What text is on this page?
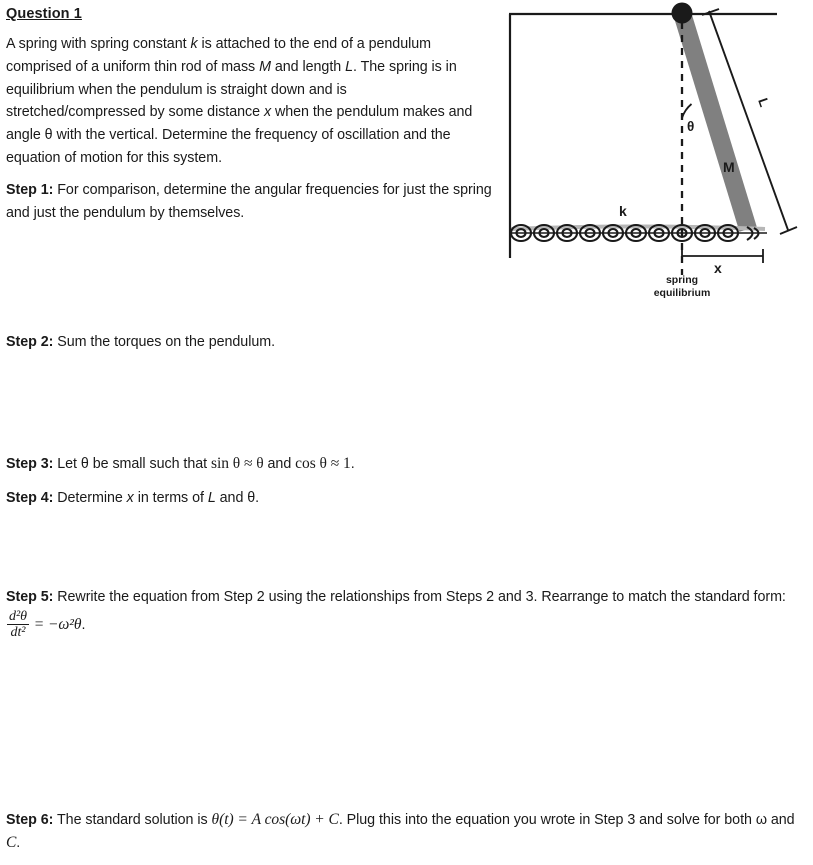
Question 1
A spring with spring constant k is attached to the end of a pendulum comprised of a uniform thin rod of mass M and length L. The spring is in equilibrium when the pendulum is straight down and is stretched/compressed by some distance x when the pendulum makes and angle θ with the vertical. Determine the frequency of oscillation and the equation of motion for this system.
Step 1: For comparison, determine the angular frequencies for just the spring and just the pendulum by themselves.
Step 2: Sum the torques on the pendulum.
Step 3: Let θ be small such that sin θ ≈ θ and cos θ ≈ 1.
Step 4: Determine x in terms of L and θ.
Step 5: Rewrite the equation from Step 2 using the relationships from Steps 2 and 3. Rearrange to match the standard form:
$\frac{\text{d²θ}}{\text{dt²}} = -\omega^2\theta$.
Step 6: The standard solution is θ(t) = A cos(ωt) + C. Plug this into the equation you wrote in Step 3 and solve for both ω and C.
θ
L
M
k
x
spring
equilibrium
